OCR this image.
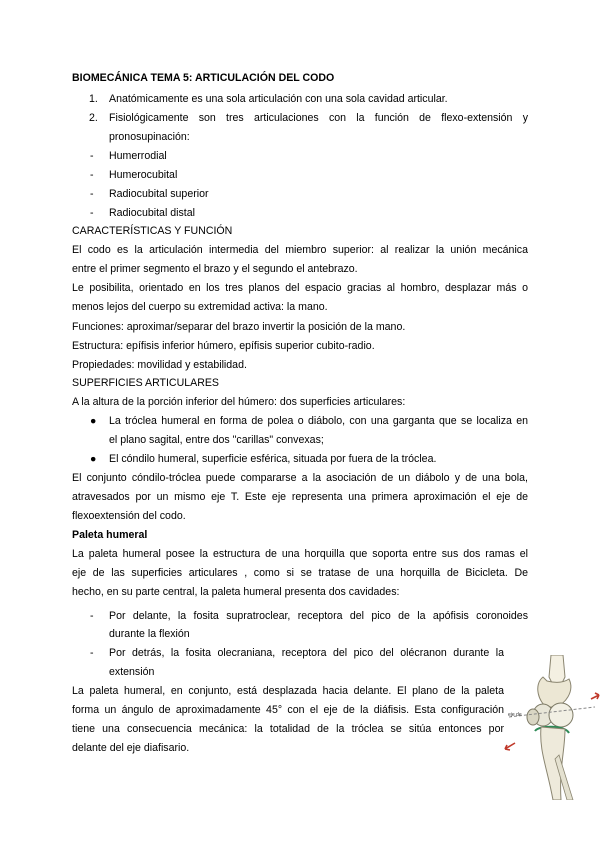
BIOMECÁNICA TEMA 5: ARTICULACIÓN DEL CODO
1. Anatómicamente es una sola articulación con una sola cavidad articular.
2. Fisiológicamente son tres articulaciones con la función de flexo-extensión y
pronosupinación:
- Humerrodial
- Humerocubital
- Radiocubital superior
- Radiocubital distal
CARACTERÍSTICAS Y FUNCIÓN
El codo es la articulación intermedia del miembro superior: al realizar la unión mecánica
entre el primer segmento el brazo y el segundo el antebrazo.
Le posibilita, orientado en los tres planos del espacio gracias al hombro, desplazar más o
menos lejos del cuerpo su extremidad activa: la mano.
Funciones: aproximar/separar del brazo invertir la posición de la mano.
Estructura: epífisis inferior húmero, epífisis superior cubito-radio.
Propiedades: movilidad y estabilidad.
SUPERFICIES ARTICULARES
A la altura de la porción inferior del húmero: dos superficies articulares:
● La tróclea humeral en forma de polea o diábolo, con una garganta que se localiza en
el plano sagital, entre dos "carillas" convexas;
● El cóndilo humeral, superficie esférica, situada por fuera de la tróclea.
El conjunto cóndilo-tróclea puede compararse a la asociación de un diábolo y de una bola,
atravesados por un mismo eje T. Este eje representa una primera aproximación el eje de
flexoextensión del codo.
Paleta humeral
La paleta humeral posee la estructura de una horquilla que soporta entre sus dos ramas el
eje de las superficies articulares , como si se tratase de una horquilla de Bicicleta. De
hecho, en su parte central, la paleta humeral presenta dos cavidades:
- Por delante, la fosita supratroclear, receptora del pico de la apófisis coronoides
durante la flexión
- Por detrás, la fosita olecraniana, receptora del pico del olécranon durante la
extensión
La paleta humeral, en conjunto, está desplazada hacia delante. El plano de la paleta
forma un ángulo de aproximadamente 45° con el eje de la diáfisis. Esta configuración
tiene una consecuencia mecánica: la totalidad de la tróclea se sitúa entonces por
delante del eje diafisario.
eje de
